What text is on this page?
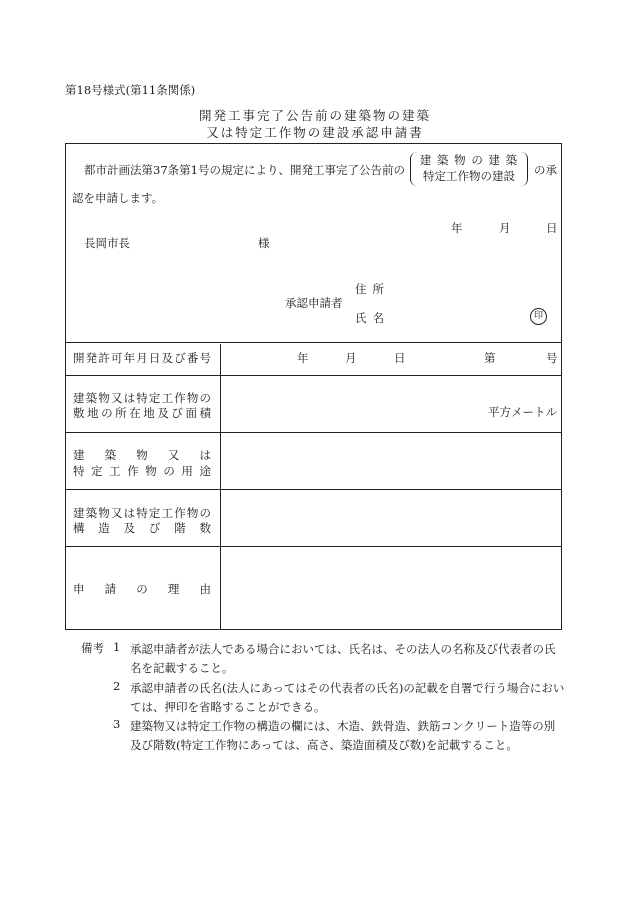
第18号様式(第11条関係)
開発工事完了公告前の建築物の建築
又は特定工作物の建設承認申請書
都市計画法第37条第1号の規定により、開発工事完了公告前の
建 築 物 の 建 築
特定工作物の建設	の承
認を申請します。
年	月	日
長岡市長	様
住所
承認申請者
氏名	印
開発許可年月日及び番号	年	月	日	第	号
建築物又は特定工作物の
敷地の所在地及び面積	平方メートル
建築物又は
特定工作物の用途
建築物又は特定工作物の
構造及び階数
申請の理由
備考 1 承認申請者が法人である場合においては、氏名は、その法人の名称及び代表者の氏名を記載すること。
2 承認申請者の氏名(法人にあってはその代表者の氏名)の記載を自署で行う場合においては、押印を省略することができる。
3 建築物又は特定工作物の構造の欄には、木造、鉄骨造、鉄筋コンクリート造等の別及び階数(特定工作物にあっては、高さ、築造面積及び数)を記載すること。
